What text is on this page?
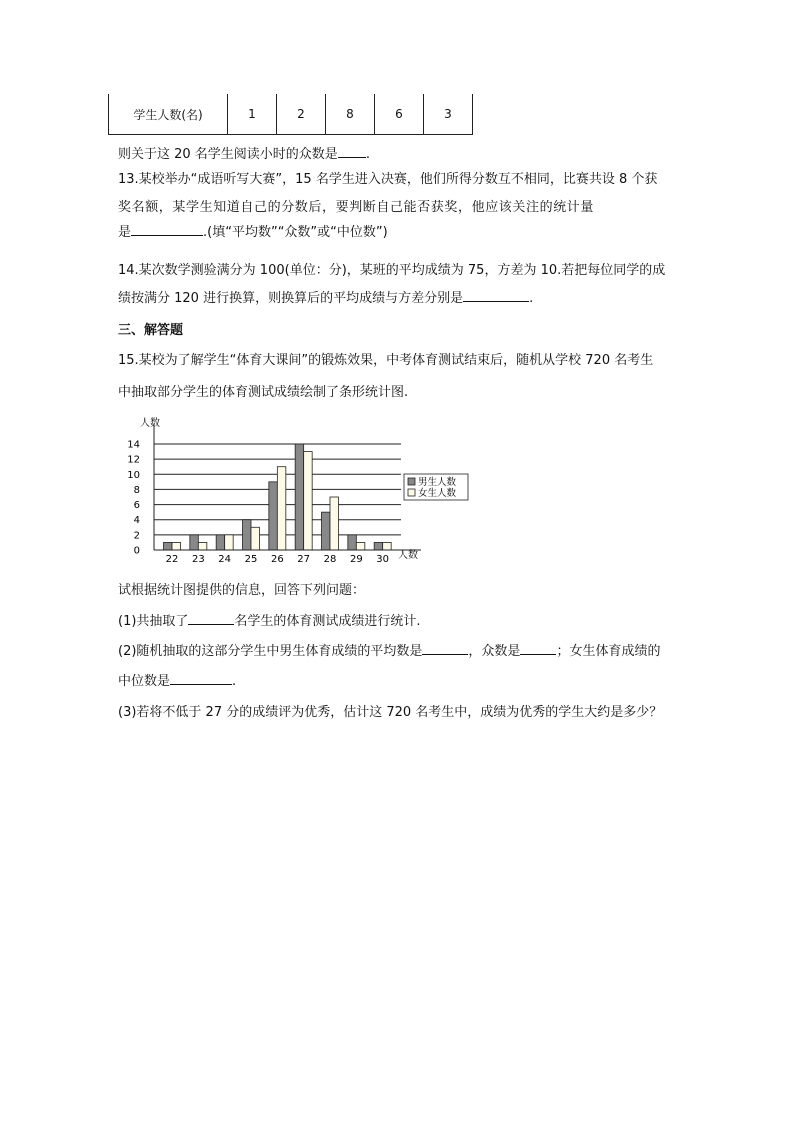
学生人数(名)	1	2	8	6	3
则关于这 20 名学生阅读小时的众数是 .
13.某校举办“成语听写大赛”，15 名学生进入决赛，他们所得分数互不相同，比赛共设 8 个获
奖名额，某学生知道自己的分数后，要判断自己能否获奖，他应该关注的统计量
是	.(填“平均数”“众数”或“中位数”)
14.某次数学测验满分为 100(单位：分)，某班的平均成绩为 75，方差为 10.若把每位同学的成
绩按满分 120 进行换算，则换算后的平均成绩与方差分别是	.
三、解答题
15.某校为了解学生“体育大课间”的锻炼效果，中考体育测试结束后，随机从学校 720 名考生
中抽取部分学生的体育测试成绩绘制了条形统计图.
0
2
4
6
8
10
12
14
22 23 24 25 26 27 28 29 30
人数
人数
男生人数
女生人数
试根据统计图提供的信息，回答下列问题：
(1)共抽取了	名学生的体育测试成绩进行统计.
(2)随机抽取的这部分学生中男生体育成绩的平均数是	，众数是	；女生体育成绩的
中位数是	.
(3)若将不低于 27 分的成绩评为优秀，估计这 720 名考生中，成绩为优秀的学生大约是多少？
